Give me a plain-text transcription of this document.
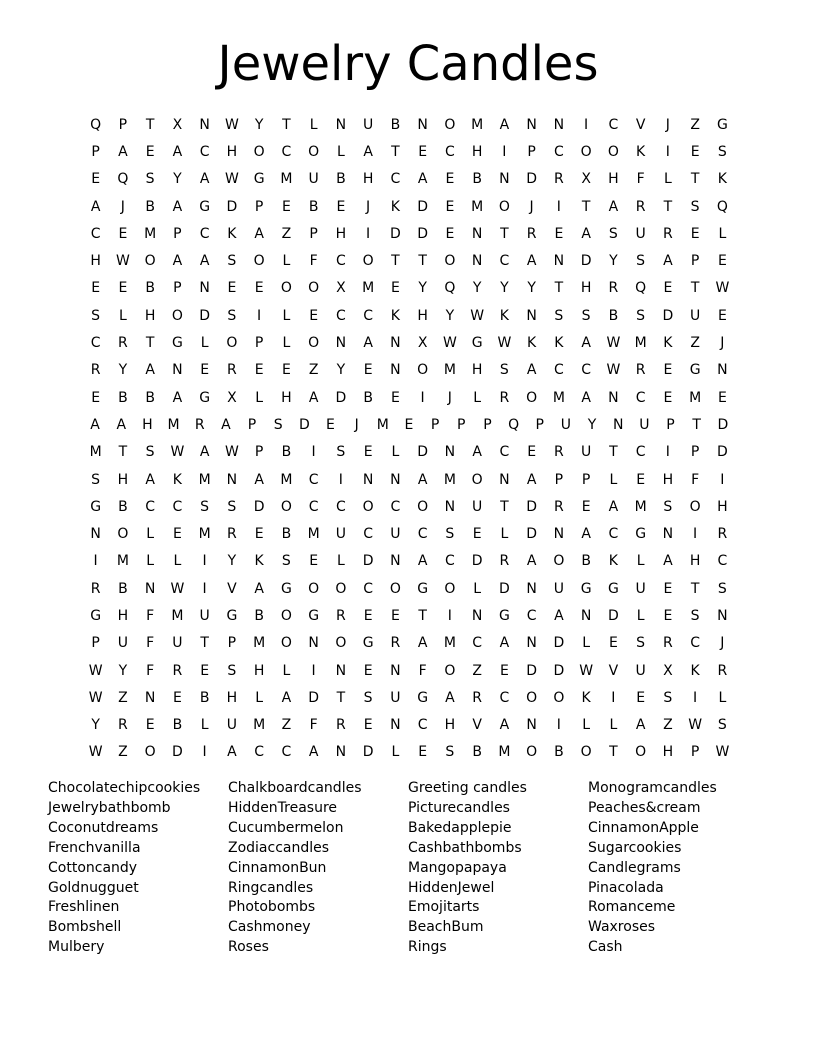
Jewelry Candles
Q	P	T	X	N	W	Y	T	L	N	U	B	N	O	M	A	N	N	I	C	V	J	Z	G
P	A	E	A	C	H	O	C	O	L	A	T	E	C	H	I	P	C	O	O	K	I	E	S
E	Q	S	Y	A	W	G	M	U	B	H	C	A	E	B	N	D	R	X	H	F	L	T	K
A	J	B	A	G	D	P	E	B	E	J	K	D	E	M	O	J	I	T	A	R	T	S	Q
C	E	M	P	C	K	A	Z	P	H	I	D	D	E	N	T	R	E	A	S	U	R	E	L
H	W	O	A	A	S	O	L	F	C	O	T	T	O	N	C	A	N	D	Y	S	A	P	E
E	E	B	P	N	E	E	O	O	X	M	E	Y	Q	Y	Y	Y	T	H	R	Q	E	T	W
S	L	H	O	D	S	I	L	E	C	C	K	H	Y	W	K	N	S	S	B	S	D	U	E
C	R	T	G	L	O	P	L	O	N	A	N	X	W	G	W	K	K	A	W	M	K	Z	J
R	Y	A	N	E	R	E	E	Z	Y	E	N	O	M	H	S	A	C	C	W	R	E	G	N
E	B	B	A	G	X	L	H	A	D	B	E	I	J	L	R	O	M	A	N	C	E	M	E
A	A	H	M	R	A	P	S	D	E	J	M	E	P	P	P	Q	P	U	Y	N	U	P	T	D
M	T	S	W	A	W	P	B	I	S	E	L	D	N	A	C	E	R	U	T	C	I	P	D
S	H	A	K	M	N	A	M	C	I	N	N	A	M	O	N	A	P	P	L	E	H	F	I
G	B	C	C	S	S	D	O	C	C	O	C	O	N	U	T	D	R	E	A	M	S	O	H
N	O	L	E	M	R	E	B	M	U	C	U	C	S	E	L	D	N	A	C	G	N	I	R
I	M	L	L	I	Y	K	S	E	L	D	N	A	C	D	R	A	O	B	K	L	A	H	C
R	B	N	W	I	V	A	G	O	O	C	O	G	O	L	D	N	U	G	G	U	E	T	S
G	H	F	M	U	G	B	O	G	R	E	E	T	I	N	G	C	A	N	D	L	E	S	N
P	U	F	U	T	P	M	O	N	O	G	R	A	M	C	A	N	D	L	E	S	R	C	J
W	Y	F	R	E	S	H	L	I	N	E	N	F	O	Z	E	D	D	W	V	U	X	K	R
W	Z	N	E	B	H	L	A	D	T	S	U	G	A	R	C	O	O	K	I	E	S	I	L
Y	R	E	B	L	U	M	Z	F	R	E	N	C	H	V	A	N	I	L	L	A	Z	W	S
W	Z	O	D	I	A	C	C	A	N	D	L	E	S	B	M	O	B	O	T	O	H	P	W
Chocolatechipcookies
Jewelrybathbomb
Coconutdreams
Frenchvanilla
Cottoncandy
Goldnugguet
Freshlinen
Bombshell
Mulbery
Chalkboardcandles
HiddenTreasure
Cucumbermelon
Zodiaccandles
CinnamonBun
Ringcandles
Photobombs
Cashmoney
Roses
Greeting candles
Picturecandles
Bakedapplepie
Cashbathbombs
Mangopapaya
HiddenJewel
Emojitarts
BeachBum
Rings
Monogramcandles
Peaches&cream
CinnamonApple
Sugarcookies
Candlegrams
Pinacolada
Romanceme
Waxroses
Cash
